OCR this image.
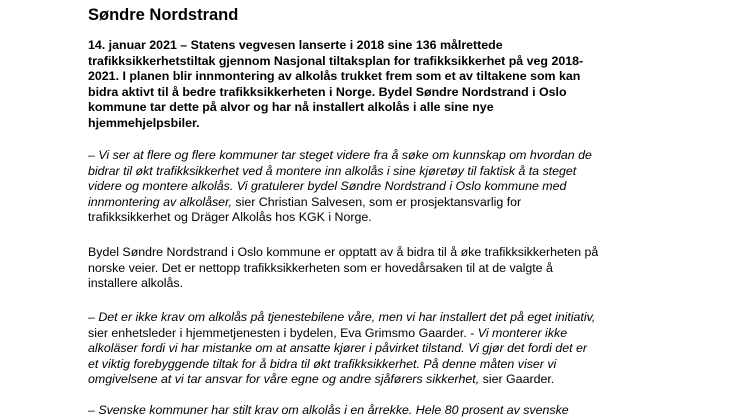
Søndre Nordstrand
14. januar 2021 – Statens vegvesen lanserte i 2018 sine 136 målrettede
trafikksikkerhetstiltak gjennom Nasjonal tiltaksplan for trafikksikkerhet på veg 2018-
2021. I planen blir innmontering av alkolås trukket frem som et av tiltakene som kan
bidra aktivt til å bedre trafikksikkerheten i Norge. Bydel Søndre Nordstrand i Oslo
kommune tar dette på alvor og har nå installert alkolås i alle sine nye
hjemmehjelpsbiler.
– Vi ser at flere og flere kommuner tar steget videre fra å søke om kunnskap om hvordan de
bidrar til økt trafikksikkerhet ved å montere inn alkolås i sine kjøretøy til faktisk å ta steget
videre og montere alkolås. Vi gratulerer bydel Søndre Nordstrand i Oslo kommune med
innmontering av alkolåser, sier Christian Salvesen, som er prosjektansvarlig for
trafikksikkerhet og Dräger Alkolås hos KGK i Norge.
Bydel Søndre Nordstrand i Oslo kommune er opptatt av å bidra til å øke trafikksikkerheten på
norske veier. Det er nettopp trafikksikkerheten som er hovedårsaken til at de valgte å
installere alkolås.
– Det er ikke krav om alkolås på tjenestebilene våre, men vi har installert det på eget initiativ,
sier enhetsleder i hjemmetjenesten i bydelen, Eva Grimsmo Gaarder. - Vi monterer ikke
alkoläser fordi vi har mistanke om at ansatte kjører i påvirket tilstand. Vi gjør det fordi det er
et viktig forebyggende tiltak for å bidra til økt trafikksikkerhet. På denne måten viser vi
omgivelsene at vi tar ansvar for våre egne og andre sjåførers sikkerhet, sier Gaarder.
– Svenske kommuner har stilt krav om alkolås i en årrekke. Hele 80 prosent av svenske
